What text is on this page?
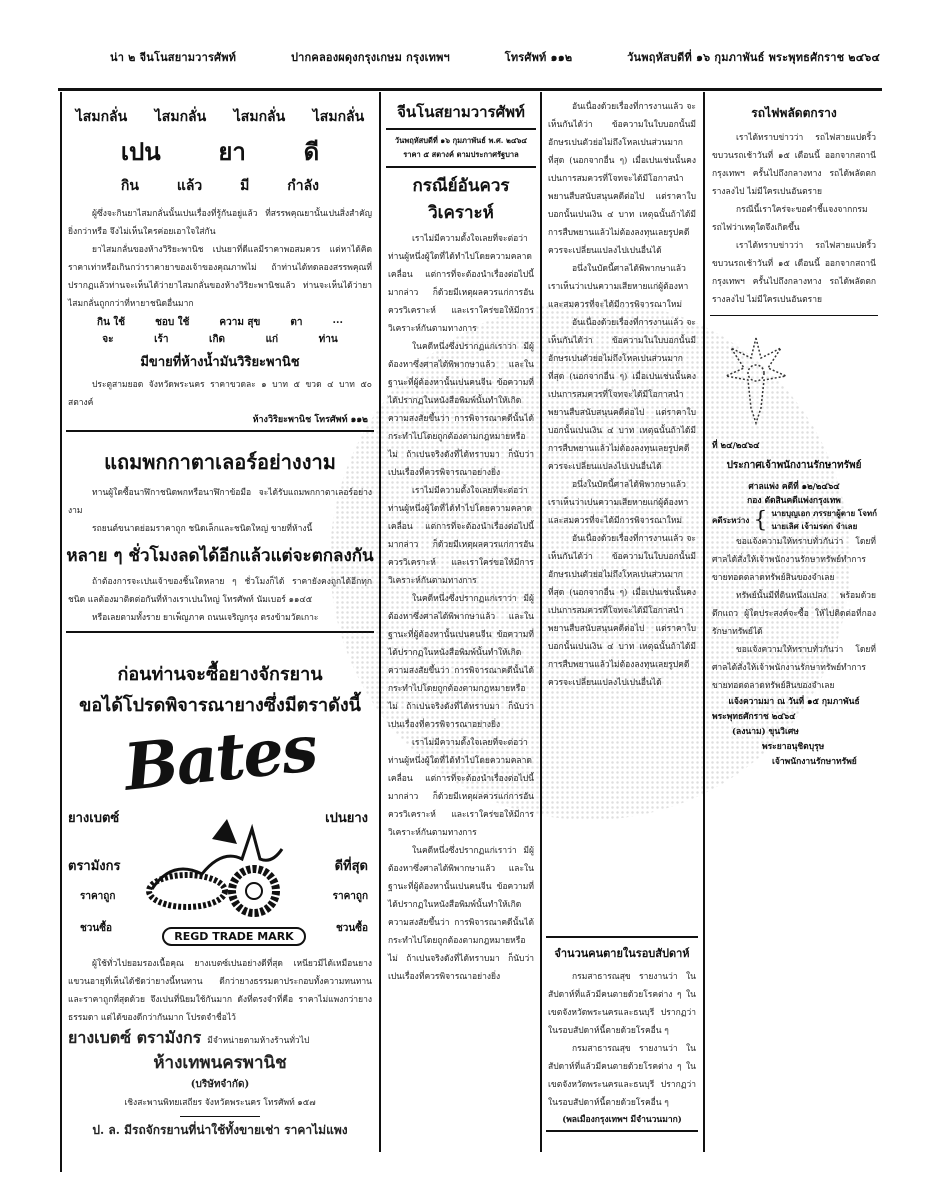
น่า ๒ จีนโนสยามวารศัพท์	ปากคลองผดุงกรุงเกษม กรุงเทพฯ	โทรศัพท์ ๑๑๒	วันพฤหัสบดีที่ ๑๖ กุมภาพันธ์ พระพุทธศักราช ๒๔๖๔
ไสมกลั่น ไสมกลั่น ไสมกลั่น ไสมกลั่น
เปน ยา ดี
กิน	แล้ว	มี	กำลัง

ผู้ซึ่งจะกินยาไสมกลั่นนั้นเปนเรื่องที่รู้กันอยู่แล้ว ที่สรรพคุณยานั้นเปนสิ่งสำคัญยิ่งกว่าหรือ จึงไม่เห็นใครค่อยเอาใจใส่กัน

ยาไสมกลั่นของห้างวิริยะพานิช เปนยาที่ดีแลมีราคาพอสมควร แต่หาได้คิดราคาเท่าหรือเกินกว่าราคายาของเจ้าของคุณภาพไม่ ถ้าท่านได้ทดลองสรรพคุณที่ปรากฏแล้วท่านจะเห็นได้ว่ายาไสมกลั่นของห้างวิริยะพานิชแล้ว ท่านจะเห็นได้ว่ายาไสมกลั่นถูกกว่าที่หายาชนิดอื่นมาก

กิน ใช้	ชอบ ใช้	ความ สุข	ตา	...
จะ	เร้า	เกิด	แก่	ท่าน
มีขายที่ห้างน้ำมันวิริยะพานิช

ประตูสามยอด จังหวัดพระนคร ราคาขวดละ ๑ บาท ๕ ขวด ๔ บาท ๕๐ สตางค์

ห้างวิริยะพานิช โทรศัพท์ ๑๑๒
แถมพกกาตาเลอร์อย่างงาม

ทานผู้ใดซื้อนาฬิกาชนิดพกหรือนาฬิกาข้อมือ จะได้รับแถมพกกาตาเลอร์อย่างงาม

รถยนต์ขนาดย่อมราคาถูก ชนิดเล็กและชนิดใหญ่ ขายที่ห้างนี้

หลาย ๆ ชั่วโมงลดได้อีกแล้วแต่จะตกลงกัน

ถ้าต้องการจะเปนเจ้าของชิ้นใดหลาย ๆ ชั่วโมงก็ได้ ราคายังคงถูกได้อีกทุกชนิด แลต้องมาติดต่อกันที่ห้างเราเปนใหญ่ โทรศัพท์ นัมเบอร์ ๑๑๔๕

หรือเลยตามทั้งราย ยาเพ็ญภาค ถนนเจริญกรุง ตรงข้ามวัดเกาะ

ก่อนท่านจะซื้อยางจักรยาน
ขอได้โปรดพิจารณายางซึ่งมีตราดังนี้
Bates
ยางเบตซ์
ตรามังกร
ราคาถูก
ชวนซื้อ
เปนยาง
ดีที่สุด
ราคาถูก
ชวนซื้อ
REGD TRADE MARK

ผู้ใช้ทั่วไปยอมรองเนื้อคุณ ยางเบตซ์เปนอย่างดีที่สุด เหนียวมีได้เหมือนยางแขวนอายุที่เห็นได้ชัดว่ายางนี้ทนทาน ดีกว่ายางธรรมดาประกอบทั้งความทนทานและราคาถูกที่สุดด้วย จึงเปนที่นิยมใช้กันมาก ดังที่ตรงจำที่คือ ราคาไม่แพงกว่ายางธรรมดา แต่ได้ของดีกว่ากันมาก โปรดจำชื่อไว้

ยางเบตซ์ ตรามังกร มีจำหน่ายตามห้างร้านทั่วไป
ห้างเทพนครพานิช
(บริษัทจำกัด)
เชิงสะพานพิทยเสถียร จังหวัดพระนคร โทรศัพท์ ๑๕๗
ป. ล. มีรถจักรยานที่น่าใช้ทั้งขายเช่า ราคาไม่แพง
จีนโนสยามวารศัพท์
วันพฤหัสบดีที่ ๑๖ กุมภาพันธ์ พ.ศ. ๒๔๖๔
ราคา ๕ สตางค์ ตามประกาศรัฐบาล
กรณีย์อันควรวิเคราะห์

เราไม่มีความตั้งใจเลยที่จะต่อว่าท่านผู้หนึ่งผู้ใดที่ได้ทำไปโดยความคลาดเคลื่อน แต่การที่จะต้องนำเรื่องต่อไปนี้มากล่าว ก็ด้วยมีเหตุผลควรแก่การอันควรวิเคราะห์ และเราใคร่ขอให้มีการวิเคราะห์กันตามทางการ

ในคดีหนึ่งซึ่งปรากฏแก่เราว่า มีผู้ต้องหาซึ่งศาลได้พิพากษาแล้ว และในฐานะที่ผู้ต้องหานั้นเปนคนจีน ข้อความที่ได้ปรากฏในหนังสือพิมพ์นั้นทำให้เกิดความสงสัยขึ้นว่า การพิจารณาคดีนั้นได้กระทำไปโดยถูกต้องตามกฎหมายหรือไม่ ถ้าเปนจริงดังที่ได้ทราบมา ก็นับว่าเปนเรื่องที่ควรพิจารณาอย่างยิ่ง

เราไม่มีความตั้งใจเลยที่จะต่อว่าท่านผู้หนึ่งผู้ใดที่ได้ทำไปโดยความคลาดเคลื่อน แต่การที่จะต้องนำเรื่องต่อไปนี้มากล่าว ก็ด้วยมีเหตุผลควรแก่การอันควรวิเคราะห์ และเราใคร่ขอให้มีการวิเคราะห์กันตามทางการ

ในคดีหนึ่งซึ่งปรากฏแก่เราว่า มีผู้ต้องหาซึ่งศาลได้พิพากษาแล้ว และในฐานะที่ผู้ต้องหานั้นเปนคนจีน ข้อความที่ได้ปรากฏในหนังสือพิมพ์นั้นทำให้เกิดความสงสัยขึ้นว่า การพิจารณาคดีนั้นได้กระทำไปโดยถูกต้องตามกฎหมายหรือไม่ ถ้าเปนจริงดังที่ได้ทราบมา ก็นับว่าเปนเรื่องที่ควรพิจารณาอย่างยิ่ง

เราไม่มีความตั้งใจเลยที่จะต่อว่าท่านผู้หนึ่งผู้ใดที่ได้ทำไปโดยความคลาดเคลื่อน แต่การที่จะต้องนำเรื่องต่อไปนี้มากล่าว ก็ด้วยมีเหตุผลควรแก่การอันควรวิเคราะห์ และเราใคร่ขอให้มีการวิเคราะห์กันตามทางการ

ในคดีหนึ่งซึ่งปรากฏแก่เราว่า มีผู้ต้องหาซึ่งศาลได้พิพากษาแล้ว และในฐานะที่ผู้ต้องหานั้นเปนคนจีน ข้อความที่ได้ปรากฏในหนังสือพิมพ์นั้นทำให้เกิดความสงสัยขึ้นว่า การพิจารณาคดีนั้นได้กระทำไปโดยถูกต้องตามกฎหมายหรือไม่ ถ้าเปนจริงดังที่ได้ทราบมา ก็นับว่าเปนเรื่องที่ควรพิจารณาอย่างยิ่ง

อันเนื่องด้วยเรื่องที่การงานแล้ว จะเห็นกันได้ว่า ข้อความในใบบอกนั้นมีอักษรเปนตัวย่อไม่ถึงโหลเปนส่วนมากที่สุด (นอกจากอื่น ๆ) เมื่อเปนเช่นนั้นคงเปนการสมควรที่โจทจะได้มีโอกาสนำพยานสืบสนับสนุนคดีต่อไป แต่ราคาใบบอกนั้นเปนเงิน ๔ บาท เหตุฉนั้นถ้าได้มีการสืบพยานแล้วไม่ต้องลงทุนเลยรูปคดีควรจะเปลี่ยนแปลงไปเปนอื่นได้

อนึ่งในบัดนี้ศาลได้พิพากษาแล้ว เราเห็นว่าเปนความเสียหายแก่ผู้ต้องหา และสมควรที่จะได้มีการพิจารณาใหม่

อันเนื่องด้วยเรื่องที่การงานแล้ว จะเห็นกันได้ว่า ข้อความในใบบอกนั้นมีอักษรเปนตัวย่อไม่ถึงโหลเปนส่วนมากที่สุด (นอกจากอื่น ๆ) เมื่อเปนเช่นนั้นคงเปนการสมควรที่โจทจะได้มีโอกาสนำพยานสืบสนับสนุนคดีต่อไป แต่ราคาใบบอกนั้นเปนเงิน ๔ บาท เหตุฉนั้นถ้าได้มีการสืบพยานแล้วไม่ต้องลงทุนเลยรูปคดีควรจะเปลี่ยนแปลงไปเปนอื่นได้

อนึ่งในบัดนี้ศาลได้พิพากษาแล้ว เราเห็นว่าเปนความเสียหายแก่ผู้ต้องหา และสมควรที่จะได้มีการพิจารณาใหม่

อันเนื่องด้วยเรื่องที่การงานแล้ว จะเห็นกันได้ว่า ข้อความในใบบอกนั้นมีอักษรเปนตัวย่อไม่ถึงโหลเปนส่วนมากที่สุด (นอกจากอื่น ๆ) เมื่อเปนเช่นนั้นคงเปนการสมควรที่โจทจะได้มีโอกาสนำพยานสืบสนับสนุนคดีต่อไป แต่ราคาใบบอกนั้นเปนเงิน ๔ บาท เหตุฉนั้นถ้าได้มีการสืบพยานแล้วไม่ต้องลงทุนเลยรูปคดีควรจะเปลี่ยนแปลงไปเปนอื่นได้

จำนวนคนตายในรอบสัปดาห์

กรมสาธารณสุข รายงานว่า ในสัปดาห์ที่แล้วมีคนตายด้วยโรคต่าง ๆ ในเขตจังหวัดพระนครและธนบุรี ปรากฏว่าในรอบสัปดาห์นี้ตายด้วยโรคอื่น ๆ

กรมสาธารณสุข รายงานว่า ในสัปดาห์ที่แล้วมีคนตายด้วยโรคต่าง ๆ ในเขตจังหวัดพระนครและธนบุรี ปรากฏว่าในรอบสัปดาห์นี้ตายด้วยโรคอื่น ๆ

(พลเมืองกรุงเทพฯ มีจำนวนมาก)
รถไฟพลัดตกราง

เราได้ทราบข่าวว่า รถไฟสายแปดริ้วขบวนรถเช้าวันที่ ๑๕ เดือนนี้ ออกจากสถานีกรุงเทพฯ ครั้นไปถึงกลางทาง รถได้พลัดตกรางลงไป ไม่มีใครเปนอันตราย

กรณีนี้เราใคร่จะขอคำชี้แจงจากกรมรถไฟว่าเหตุใดจึงเกิดขึ้น

เราได้ทราบข่าวว่า รถไฟสายแปดริ้วขบวนรถเช้าวันที่ ๑๕ เดือนนี้ ออกจากสถานีกรุงเทพฯ ครั้นไปถึงกลางทาง รถได้พลัดตกรางลงไป ไม่มีใครเปนอันตราย

ที่ ๒๔/๒๔๖๔
ประกาศเจ้าพนักงานรักษาทรัพย์
ศาลแพ่ง คดีที่ ๑๒/๒๔๖๔
กอง ตัดสินคดีแพ่งกรุงเทพ
คดีระหว่าง { นายบุญเอก ภรรยาผู้ตาย โจทก์
นายเลิศ เจ้ามรดก จำเลย

ขอแจ้งความให้ทราบทั่วกันว่า โดยที่ศาลได้สั่งให้เจ้าพนักงานรักษาทรัพย์ทำการขายทอดตลาดทรัพย์สินของจำเลย

ทรัพย์นั้นมีที่ดินหนึ่งแปลง พร้อมด้วยตึกแถว ผู้ใดประสงค์จะซื้อ ให้ไปติดต่อที่กองรักษาทรัพย์ได้

ขอแจ้งความให้ทราบทั่วกันว่า โดยที่ศาลได้สั่งให้เจ้าพนักงานรักษาทรัพย์ทำการขายทอดตลาดทรัพย์สินของจำเลย

แจ้งความมา ณ วันที่ ๑๕ กุมภาพันธ์
พระพุทธศักราช ๒๔๖๔
(ลงนาม) ขุนวิเศษ
พระยาอนุชิตบุรุษ
เจ้าพนักงานรักษาทรัพย์
